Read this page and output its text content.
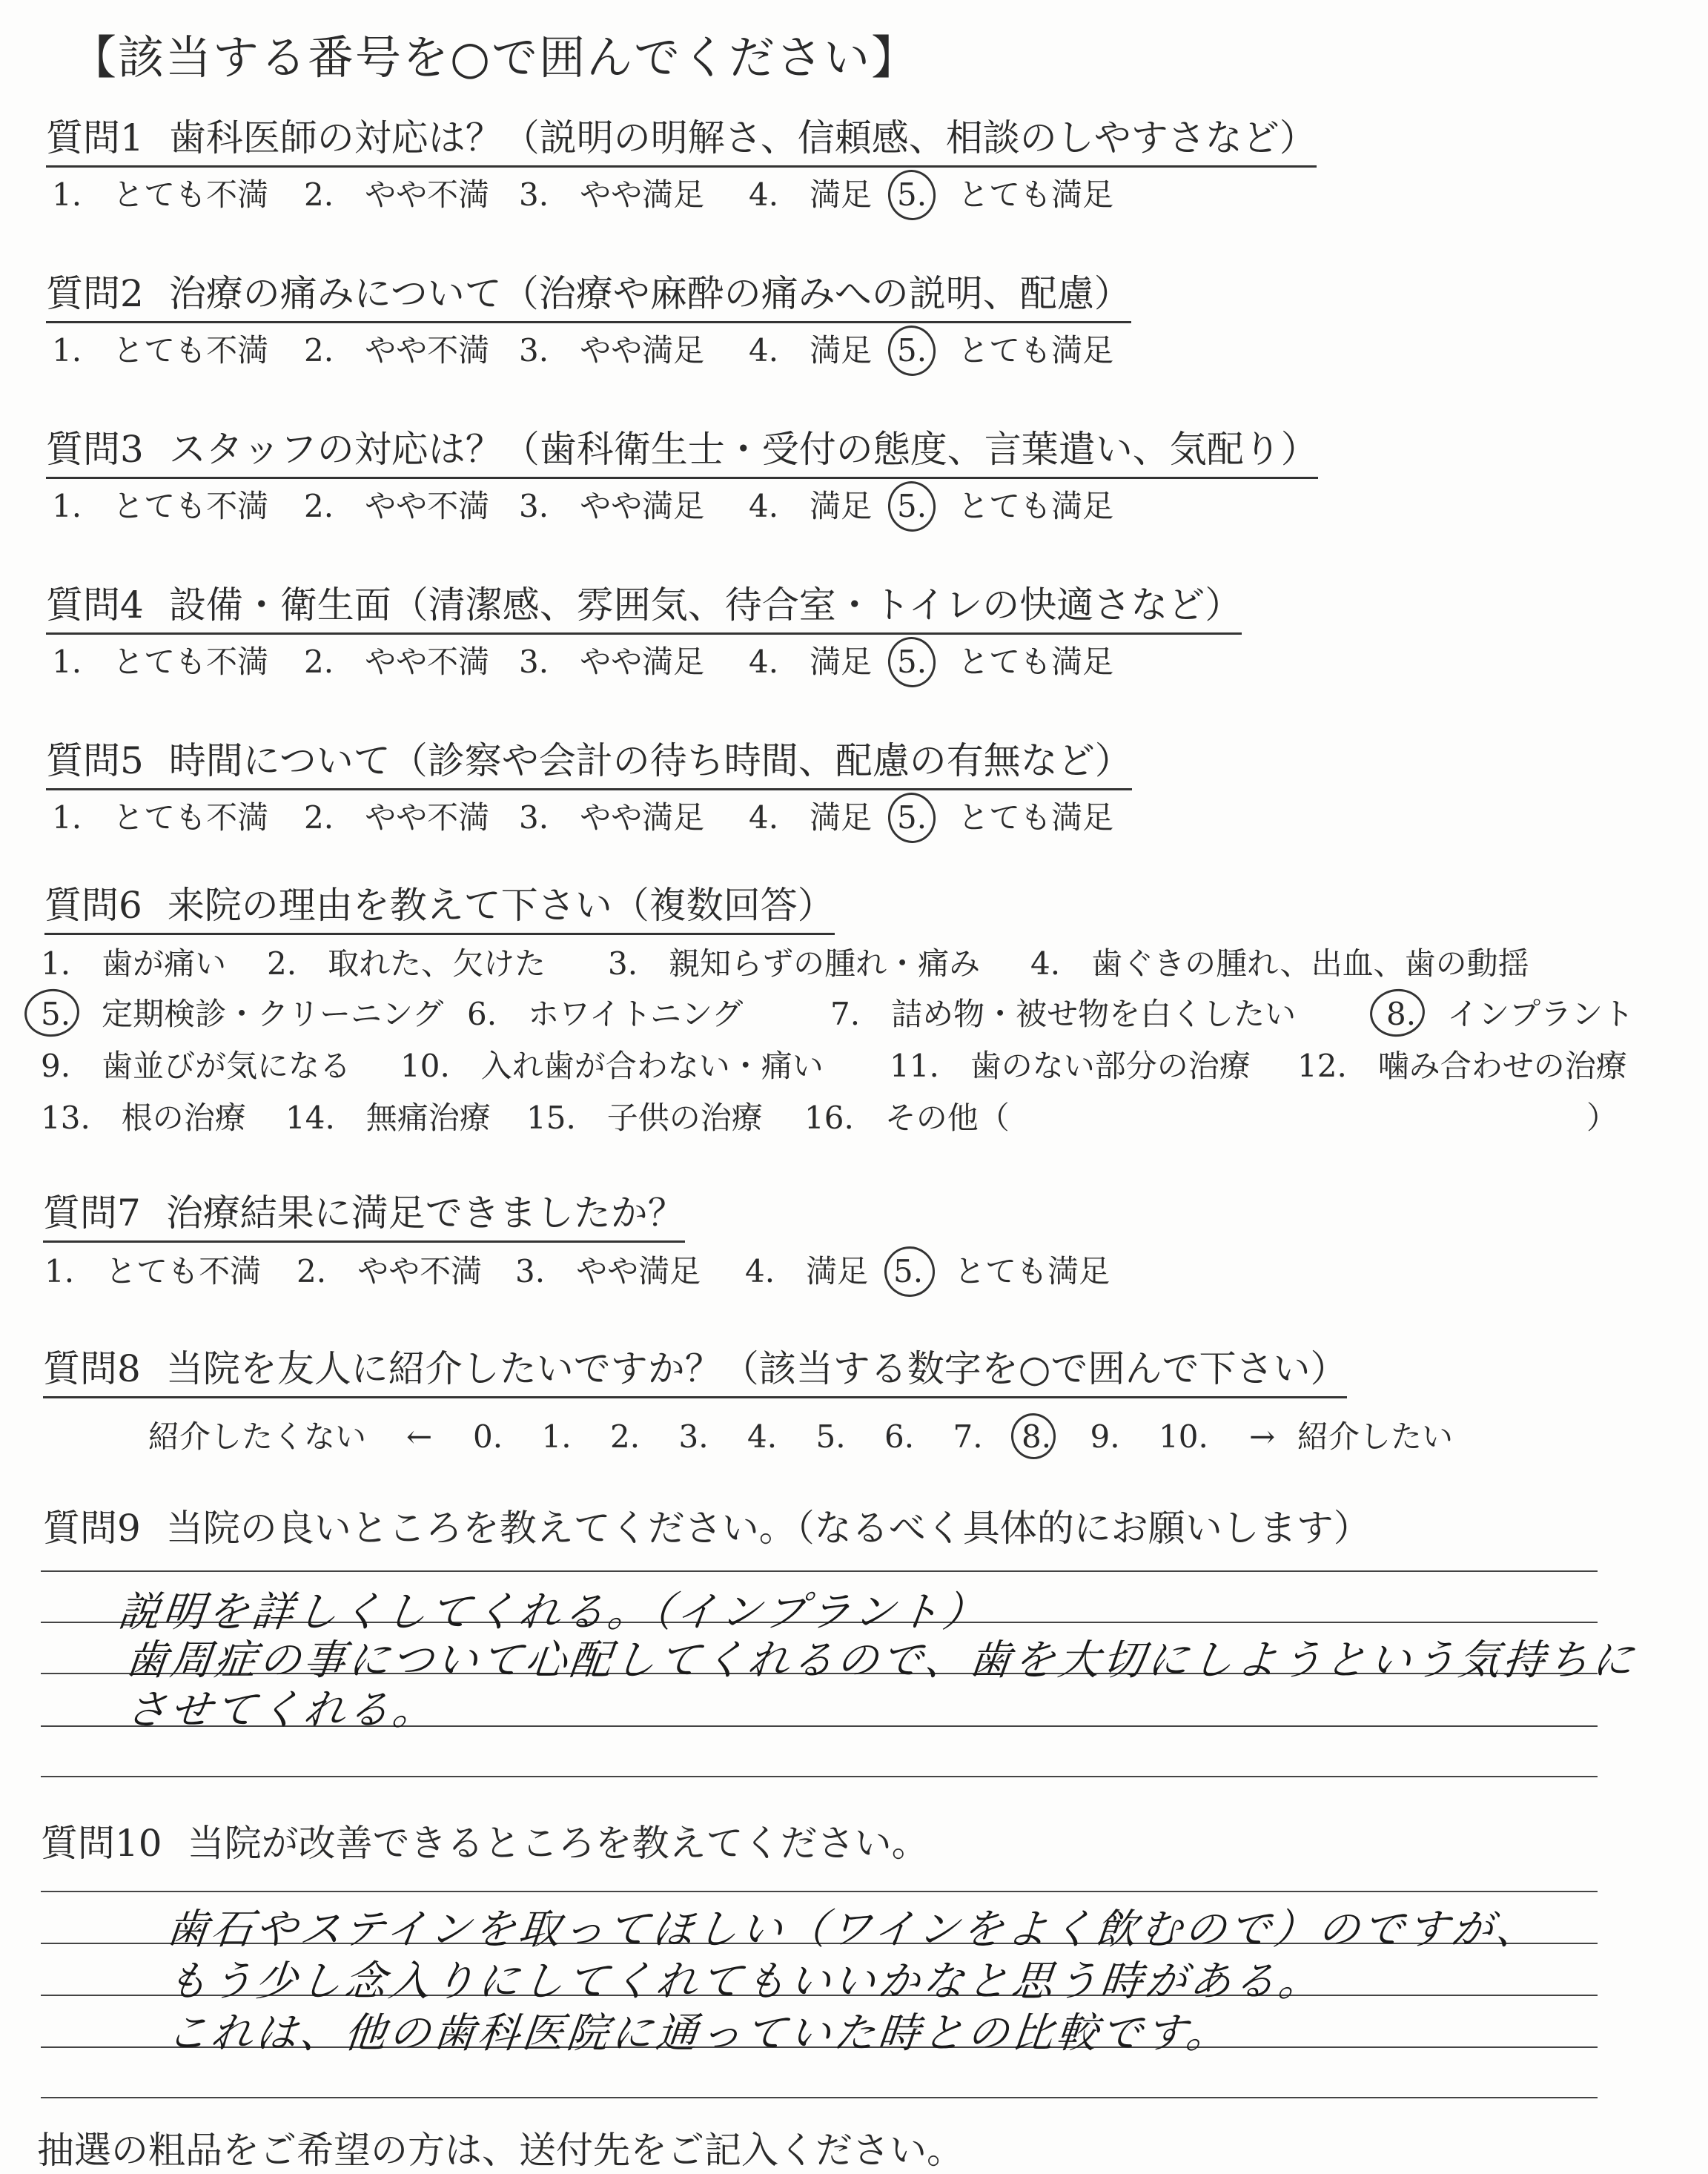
【該当する番号を○で囲んでください】
質問1 歯科医師の対応は？（説明の明解さ、信頼感、相談のしやすさなど）
1.　とても不満 2.　やや不満 3.　やや満足 4.　満足 5.　とても満足
質問2 治療の痛みについて（治療や麻酔の痛みへの説明、配慮）
1.　とても不満 2.　やや不満 3.　やや満足 4.　満足 5.　とても満足
質問3 スタッフの対応は？（歯科衛生士・受付の態度、言葉遣い、気配り）
1.　とても不満 2.　やや不満 3.　やや満足 4.　満足 5.　とても満足
質問4 設備・衛生面（清潔感、雰囲気、待合室・トイレの快適さなど）
1.　とても不満 2.　やや不満 3.　やや満足 4.　満足 5.　とても満足
質問5 時間について（診察や会計の待ち時間、配慮の有無など）
1.　とても不満 2.　やや不満 3.　やや満足 4.　満足 5.　とても満足
質問6 来院の理由を教えて下さい（複数回答）
1.　歯が痛い 2.　取れた、欠けた 3.　親知らずの腫れ・痛み 4.　歯ぐきの腫れ、出血、歯の動揺
5.　定期検診・クリーニング 6.　ホワイトニング	7.　詰め物・被せ物を白くしたい	8.　インプラント
9.　歯並びが気になる 10.　入れ歯が合わない・痛い 11.　歯のない部分の治療 12.　噛み合わせの治療
13.　根の治療 14.　無痛治療 15.　子供の治療 16.　その他（	）
質問7 治療結果に満足できましたか？
1.　とても不満 2.　やや不満 3.　やや満足 4.　満足 5.　とても満足
質問8 当院を友人に紹介したいですか？（該当する数字を○で囲んで下さい）
紹介したくない ← 0. 1. 2. 3. 4. 5. 6. 7. 8. 9. 10. → 紹介したい
質問9 当院の良いところを教えてください。（なるべく具体的にお願いします）
説明を詳しくしてくれる。（インプラント）
歯周症の事について心配してくれるので、歯を大切にしようという気持ちに
させてくれる。
質問10 当院が改善できるところを教えてください。
歯石やステインを取ってほしい（ワインをよく飲むので）のですが、
もう少し念入りにしてくれてもいいかなと思う時がある。
これは、他の歯科医院に通っていた時との比較です。
抽選の粗品をご希望の方は、送付先をご記入ください。
